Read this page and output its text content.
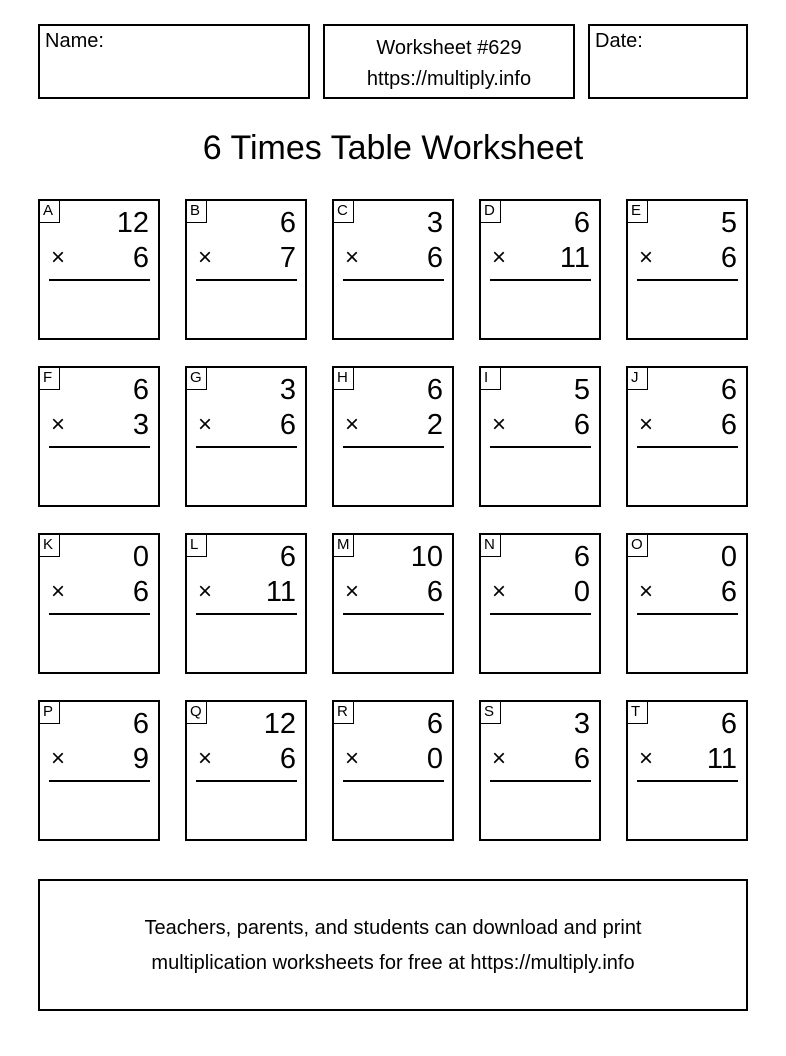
Name:	Worksheet #629
https://multiply.info
Date:
6 Times Table Worksheet
A 12
× 6
B	6
× 7
C	3
× 6
D	6
× 11
E	5
× 6
F	6
× 3
G	3
× 6
H	6
× 2
I	5
× 6
J	6
× 6
K	0
× 6
L	6
× 11
M 10
× 6
N	6
× 0
O	0
× 6
P	6
× 9
Q 12
× 6
R	6
× 0
S	3
× 6
T	6
× 11
Teachers, parents, and students can download and print
multiplication worksheets for free at https://multiply.info
